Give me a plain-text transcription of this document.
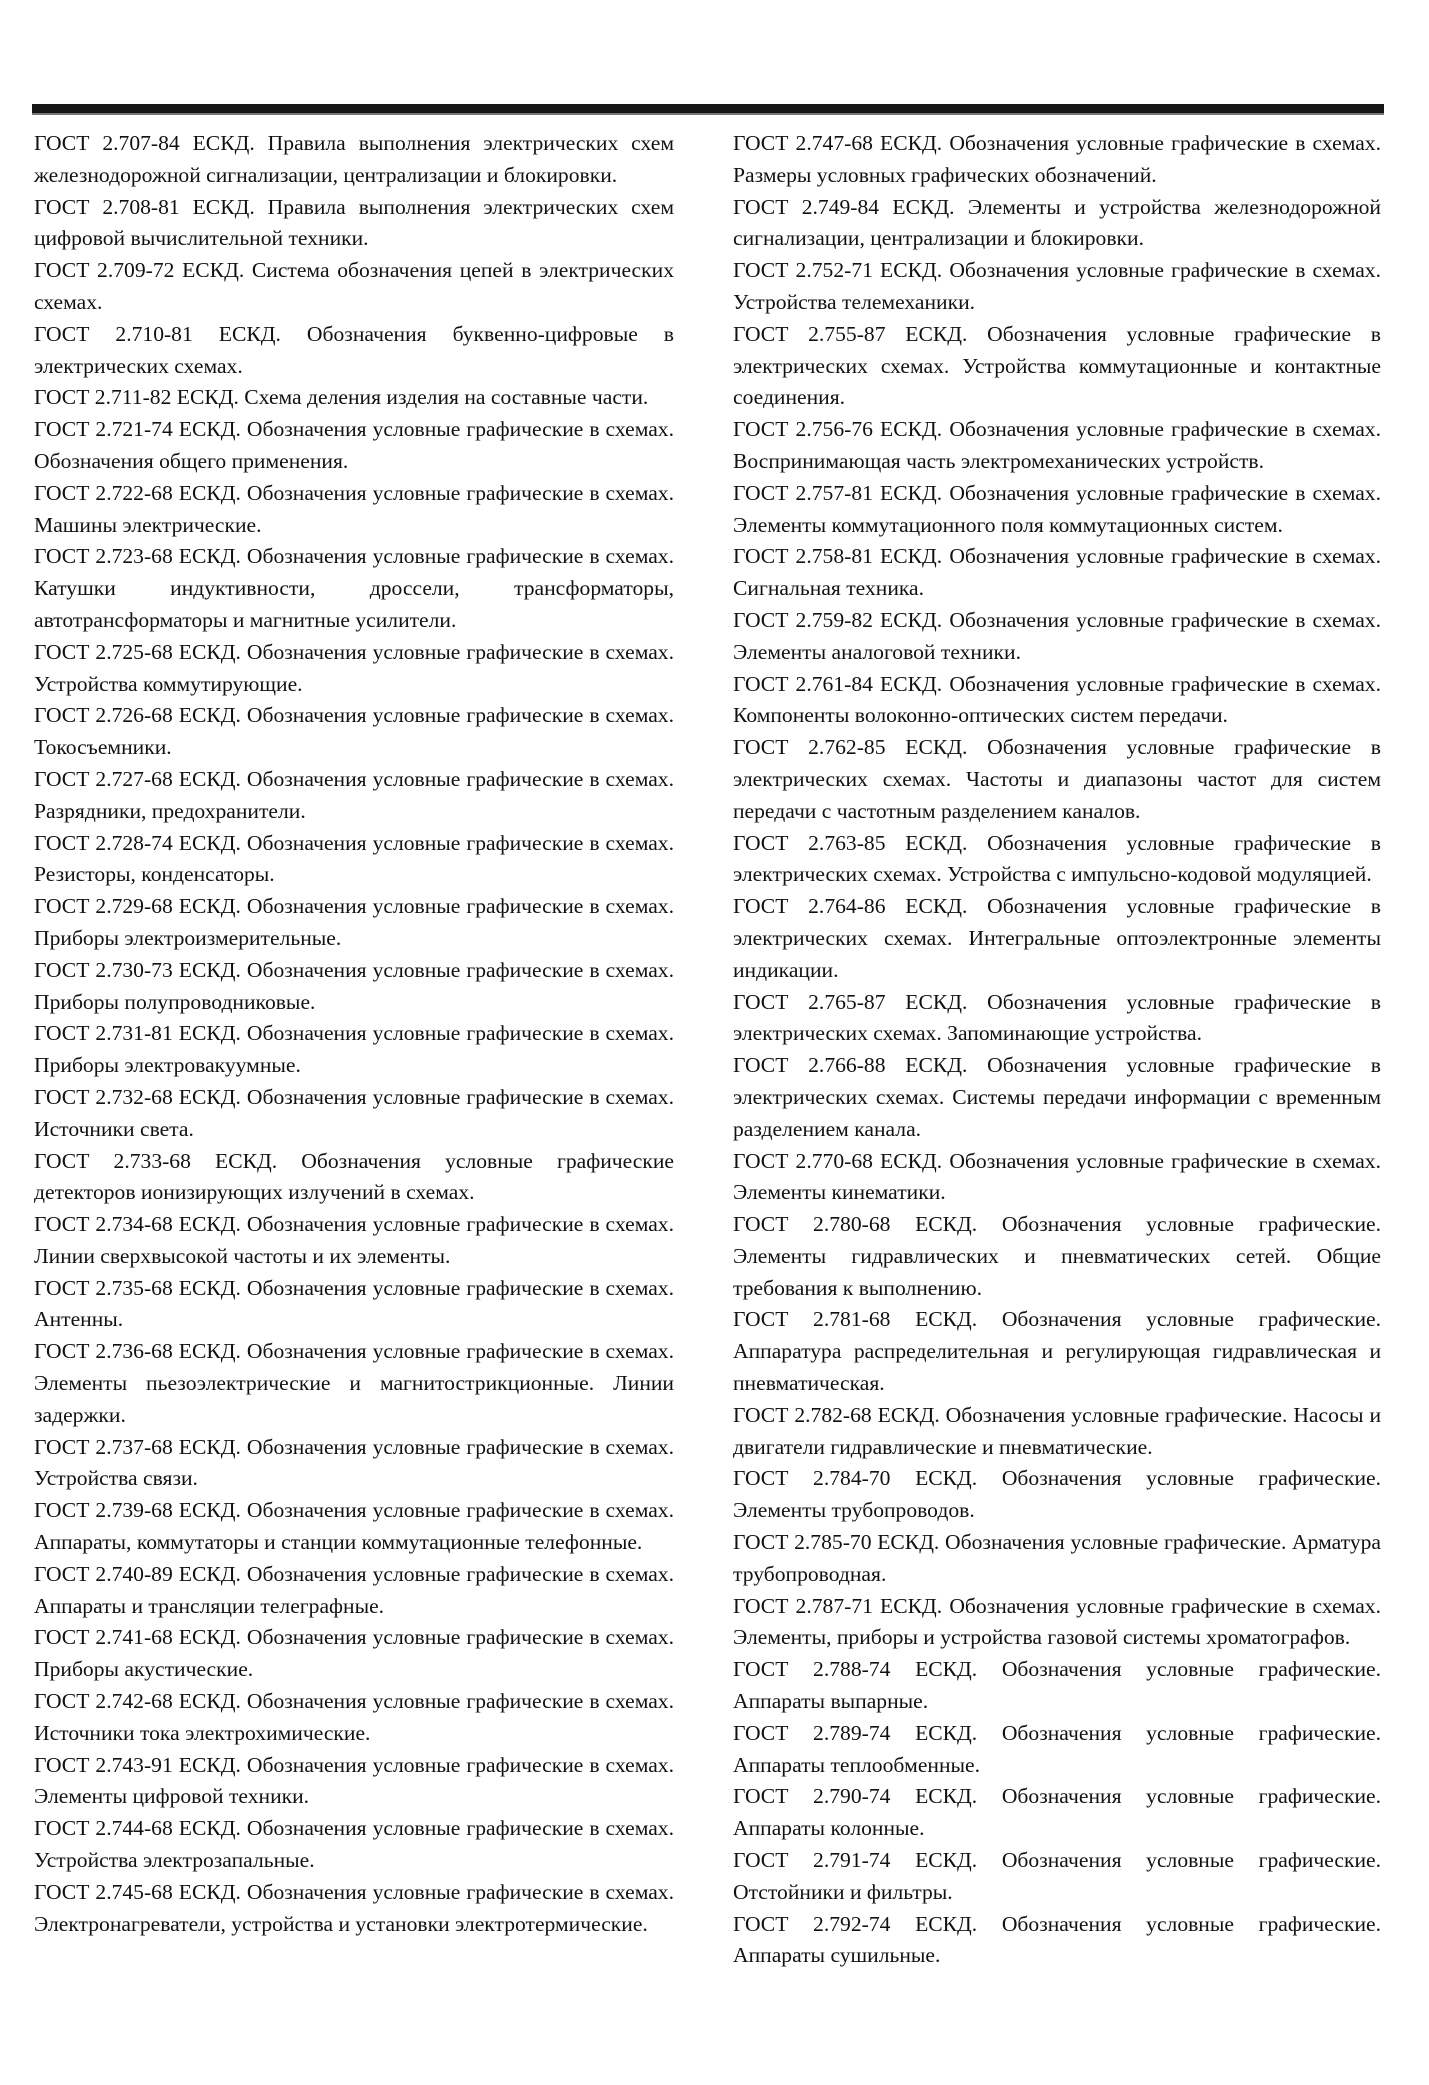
ГОСТ 2.707-84 ЕСКД. Правила выполнения электрических схем железнодорожной сигнализации, централизации и блокировки.

ГОСТ 2.708-81 ЕСКД. Правила выполнения электрических схем цифровой вычислительной техники.

ГОСТ 2.709-72 ЕСКД. Система обозначения цепей в электрических схемах.

ГОСТ 2.710-81 ЕСКД. Обозначения буквенно-цифровые в электрических схемах.

ГОСТ 2.711-82 ЕСКД. Схема деления изделия на составные части.

ГОСТ 2.721-74 ЕСКД. Обозначения условные графические в схемах. Обозначения общего применения.

ГОСТ 2.722-68 ЕСКД. Обозначения условные графические в схемах. Машины электрические.

ГОСТ 2.723-68 ЕСКД. Обозначения условные графические в схемах. Катушки индуктивности, дроссели, трансформаторы, автотрансформаторы и магнитные усилители.

ГОСТ 2.725-68 ЕСКД. Обозначения условные графические в схемах. Устройства коммутирующие.

ГОСТ 2.726-68 ЕСКД. Обозначения условные графические в схемах. Токосъемники.

ГОСТ 2.727-68 ЕСКД. Обозначения условные графические в схемах. Разрядники, предохранители.

ГОСТ 2.728-74 ЕСКД. Обозначения условные графические в схемах. Резисторы, конденсаторы.

ГОСТ 2.729-68 ЕСКД. Обозначения условные графические в схемах. Приборы электроизмерительные.

ГОСТ 2.730-73 ЕСКД. Обозначения условные графические в схемах. Приборы полупроводниковые.

ГОСТ 2.731-81 ЕСКД. Обозначения условные графические в схемах. Приборы электровакуумные.

ГОСТ 2.732-68 ЕСКД. Обозначения условные графические в схемах. Источники света.

ГОСТ 2.733-68 ЕСКД. Обозначения условные графические детекторов ионизирующих излучений в схемах.

ГОСТ 2.734-68 ЕСКД. Обозначения условные графические в схемах. Линии сверхвысокой частоты и их элементы.

ГОСТ 2.735-68 ЕСКД. Обозначения условные графические в схемах. Антенны.

ГОСТ 2.736-68 ЕСКД. Обозначения условные графические в схемах. Элементы пьезоэлектрические и магнитострикционные. Линии задержки.

ГОСТ 2.737-68 ЕСКД. Обозначения условные графические в схемах. Устройства связи.

ГОСТ 2.739-68 ЕСКД. Обозначения условные графические в схемах. Аппараты, коммутаторы и станции коммутационные телефонные.

ГОСТ 2.740-89 ЕСКД. Обозначения условные графические в схемах. Аппараты и трансляции телеграфные.

ГОСТ 2.741-68 ЕСКД. Обозначения условные графические в схемах. Приборы акустические.

ГОСТ 2.742-68 ЕСКД. Обозначения условные графические в схемах. Источники тока электрохимические.

ГОСТ 2.743-91 ЕСКД. Обозначения условные графические в схемах. Элементы цифровой техники.

ГОСТ 2.744-68 ЕСКД. Обозначения условные графические в схемах. Устройства электрозапальные.

ГОСТ 2.745-68 ЕСКД. Обозначения условные графические в схемах. Электронагреватели, устройства и установки электротермические.

ГОСТ 2.747-68 ЕСКД. Обозначения условные графические в схемах. Размеры условных графических обозначений.

ГОСТ 2.749-84 ЕСКД. Элементы и устройства железнодорожной сигнализации, централизации и блокировки.

ГОСТ 2.752-71 ЕСКД. Обозначения условные графические в схемах. Устройства телемеханики.

ГОСТ 2.755-87 ЕСКД. Обозначения условные графические в электрических схемах. Устройства коммутационные и контактные соединения.

ГОСТ 2.756-76 ЕСКД. Обозначения условные графические в схемах. Воспринимающая часть электромеханических устройств.

ГОСТ 2.757-81 ЕСКД. Обозначения условные графические в схемах. Элементы коммутационного поля коммутационных систем.

ГОСТ 2.758-81 ЕСКД. Обозначения условные графические в схемах. Сигнальная техника.

ГОСТ 2.759-82 ЕСКД. Обозначения условные графические в схемах. Элементы аналоговой техники.

ГОСТ 2.761-84 ЕСКД. Обозначения условные графические в схемах. Компоненты волоконно-оптических систем передачи.

ГОСТ 2.762-85 ЕСКД. Обозначения условные графические в электрических схемах. Частоты и диапазоны частот для систем передачи с частотным разделением каналов.

ГОСТ 2.763-85 ЕСКД. Обозначения условные графические в электрических схемах. Устройства с импульсно-кодовой модуляцией.

ГОСТ 2.764-86 ЕСКД. Обозначения условные графические в электрических схемах. Интегральные оптоэлектронные элементы индикации.

ГОСТ 2.765-87 ЕСКД. Обозначения условные графические в электрических схемах. Запоминающие устройства.

ГОСТ 2.766-88 ЕСКД. Обозначения условные графические в электрических схемах. Системы передачи информации с временным разделением канала.

ГОСТ 2.770-68 ЕСКД. Обозначения условные графические в схемах. Элементы кинематики.

ГОСТ 2.780-68 ЕСКД. Обозначения условные графические. Элементы гидравлических и пневматических сетей. Общие требования к выполнению.

ГОСТ 2.781-68 ЕСКД. Обозначения условные графические. Аппаратура распределительная и регулирующая гидравлическая и пневматическая.

ГОСТ 2.782-68 ЕСКД. Обозначения условные графические. Насосы и двигатели гидравлические и пневматические.

ГОСТ 2.784-70 ЕСКД. Обозначения условные графические. Элементы трубопроводов.

ГОСТ 2.785-70 ЕСКД. Обозначения условные графические. Арматура трубопроводная.

ГОСТ 2.787-71 ЕСКД. Обозначения условные графические в схемах. Элементы, приборы и устройства газовой системы хроматографов.

ГОСТ 2.788-74 ЕСКД. Обозначения условные графические. Аппараты выпарные.

ГОСТ 2.789-74 ЕСКД. Обозначения условные графические. Аппараты теплообменные.

ГОСТ 2.790-74 ЕСКД. Обозначения условные графические. Аппараты колонные.

ГОСТ 2.791-74 ЕСКД. Обозначения условные графические. Отстойники и фильтры.

ГОСТ 2.792-74 ЕСКД. Обозначения условные графические. Аппараты сушильные.
